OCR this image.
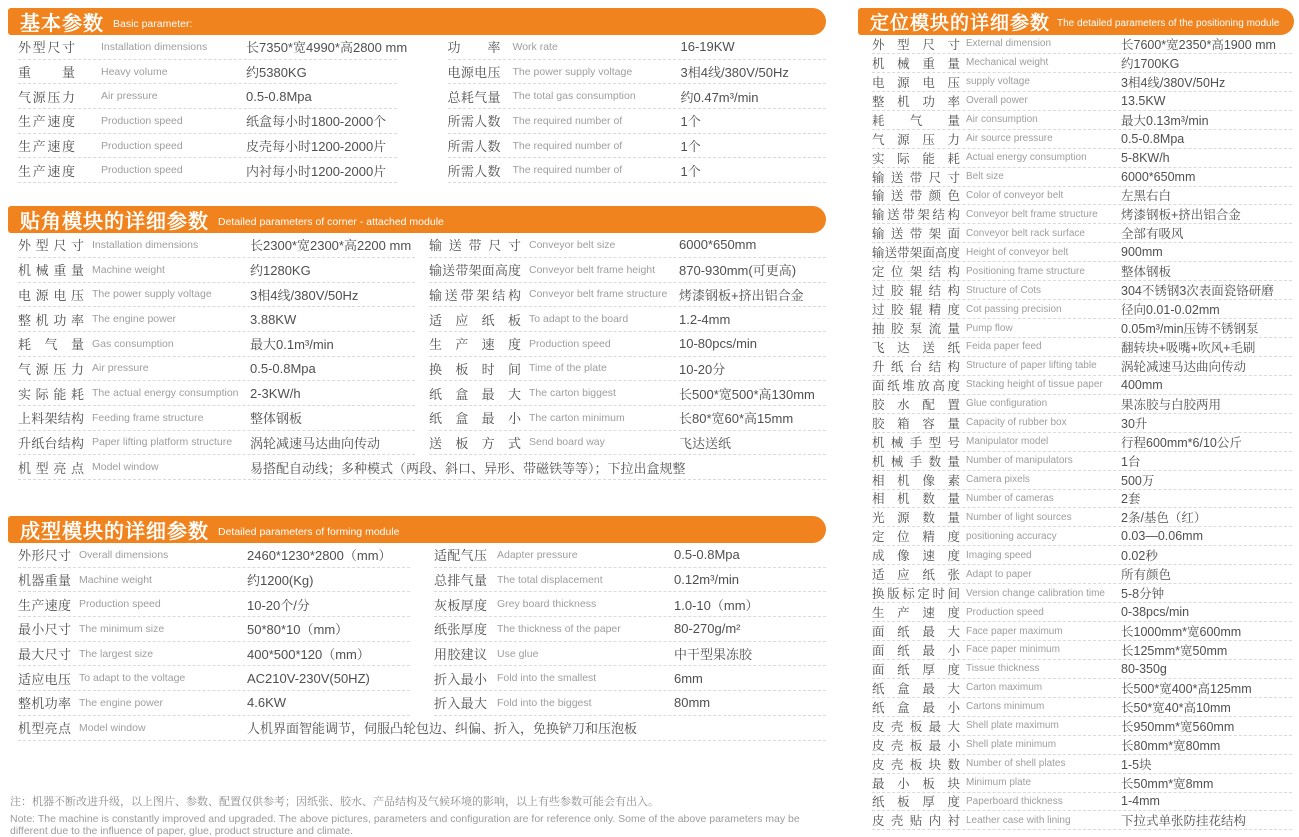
基本参数 Basic parameter:
外型尺寸 Installation dimensions	长7350*宽4990*高2800 mm
重量 Heavy volume	约5380KG
气源压力 Air pressure	0.5-0.8Mpa
生产速度 Production speed	纸盒每小时1800-2000个
生产速度 Production speed	皮壳每小时1200-2000片
生产速度 Production speed	内衬每小时1200-2000片
功率 Work rate	16-19KW
电源电压 The power supply voltage	3相4线/380V/50Hz
总耗气量 The total gas consumption	约0.47m³/min
所需人数 The required number of	1个
所需人数 The required number of	1个
所需人数 The required number of	1个
贴角模块的详细参数 Detailed parameters of corner - attached module
外型尺寸 Installation dimensions	长2300*宽2300*高2200 mm
机械重量 Machine weight	约1280KG
电源电压 The power supply voltage	3相4线/380V/50Hz
整机功率 The engine power	3.88KW
耗气量 Gas consumption	最大0.1m³/min
气源压力 Air pressure	0.5-0.8Mpa
实际能耗 The actual energy consumption 2-3KW/h
上料架结构 Feeding frame structure	整体钢板
升纸台结构 Paper lifting platform structure	涡轮减速马达曲向传动
输送带尺寸 Conveyor belt size	6000*650mm
输送带架面高度 Conveyor belt frame height	870-930mm(可更高)
输送带架结构 Conveyor belt frame structure 烤漆钢板+挤出铝合金
适应纸板 To adapt to the board	1.2-4mm
生产速度 Production speed	10-80pcs/min
换板时间 Time of the plate	10-20分
纸盒最大 The carton biggest	长500*宽500*高130mm
纸盒最小 The carton minimum	长80*宽60*高15mm
送板方式 Send board way	飞达送纸
机型亮点 Model window	易搭配自动线；多种模式（两段、斜口、异形、带磁铁等等）；下拉出盒规整
成型模块的详细参数 Detailed parameters of forming module
外形尺寸 Overall dimensions	2460*1230*2800（mm）
机器重量 Machine weight	约1200(Kg)
生产速度 Production speed	10-20个/分
最小尺寸 The minimum size	50*80*10（mm）
最大尺寸 The largest size	400*500*120（mm）
适应电压 To adapt to the voltage	AC210V-230V(50HZ)
整机功率 The engine power	4.6KW
适配气压 Adapter pressure	0.5-0.8Mpa
总排气量 The total displacement	0.12m³/min
灰板厚度 Grey board thickness	1.0-10（mm）
纸张厚度 The thickness of the paper	80-270g/m²
用胶建议 Use glue	中干型果冻胶
折入最小 Fold into the smallest	6mm
折入最大 Fold into the biggest	80mm
机型亮点 Model window	人机界面智能调节，伺服凸轮包边、纠偏、折入，免换铲刀和压泡板
注：机器不断改进升级，以上图片、参数、配置仅供参考；因纸张、胶水、产品结构及气候环境的影响，以上有些参数可能会有出入。
Note: The machine is constantly improved and upgraded. The above pictures, parameters and configuration are for reference only. Some of the above parameters may be different due to the influence of paper, glue, product structure and climate.
定位模块的详细参数 The detailed parameters of the positioning module
外型尺寸 External dimension	长7600*宽2350*高1900 mm
机械重量 Mechanical weight	约1700KG
电源电压 supply voltage	3相4线/380V/50Hz
整机功率 Overall power	13.5KW
耗气量 Air consumption	最大0.13m³/min
气源压力 Air source pressure	0.5-0.8Mpa
实际能耗 Actual energy consumption	5-8KW/h
输送带尺寸 Belt size	6000*650mm
输送带颜色 Color of conveyor belt	左黑右白
输送带架结构 Conveyor belt frame structure	烤漆钢板+挤出铝合金
输送带架面 Conveyor belt rack surface	全部有吸风
输送带架面高度 Height of conveyor belt	900mm
定位架结构 Positioning frame structure	整体钢板
过胶辊结构 Structure of Cots	304不锈钢3次表面瓷铬研磨
过胶辊精度 Cot passing precision	径向0.01-0.02mm
抽胶泵流量 Pump flow	0.05m³/min压铸不锈钢泵
飞达送纸 Feida paper feed	翻转块+吸嘴+吹风+毛刷
升纸台结构 Structure of paper lifting table	涡轮减速马达曲向传动
面纸堆放高度 Stacking height of tissue paper	400mm
胶水配置 Glue configuration	果冻胶与白胶两用
胶箱容量 Capacity of rubber box	30升
机械手型号 Manipulator model	行程600mm*6/10公斤
机械手数量 Number of manipulators	1台
相机像素 Camera pixels	500万
相机数量 Number of cameras	2套
光源数量 Number of light sources	2条/基色（红）
定位精度 positioning accuracy	0.03—0.06mm
成像速度 Imaging speed	0.02秒
适应纸张 Adapt to paper	所有颜色
换版标定时间 Version change calibration time	5-8分钟
生产速度 Production speed	0-38pcs/min
面纸最大 Face paper maximum	长1000mm*宽600mm
面纸最小 Face paper minimum	长125mm*宽50mm
面纸厚度 Tissue thickness	80-350g
纸盒最大 Carton maximum	长500*宽400*高125mm
纸盒最小 Cartons minimum	长50*宽40*高10mm
皮壳板最大 Shell plate maximum	长950mm*宽560mm
皮壳板最小 Shell plate minimum	长80mm*宽80mm
皮壳板块数 Number of shell plates	1-5块
最小板块 Minimum plate	长50mm*宽8mm
纸板厚度 Paperboard thickness	1-4mm
皮壳贴内衬 Leather case with lining	下拉式单张防挂花结构
